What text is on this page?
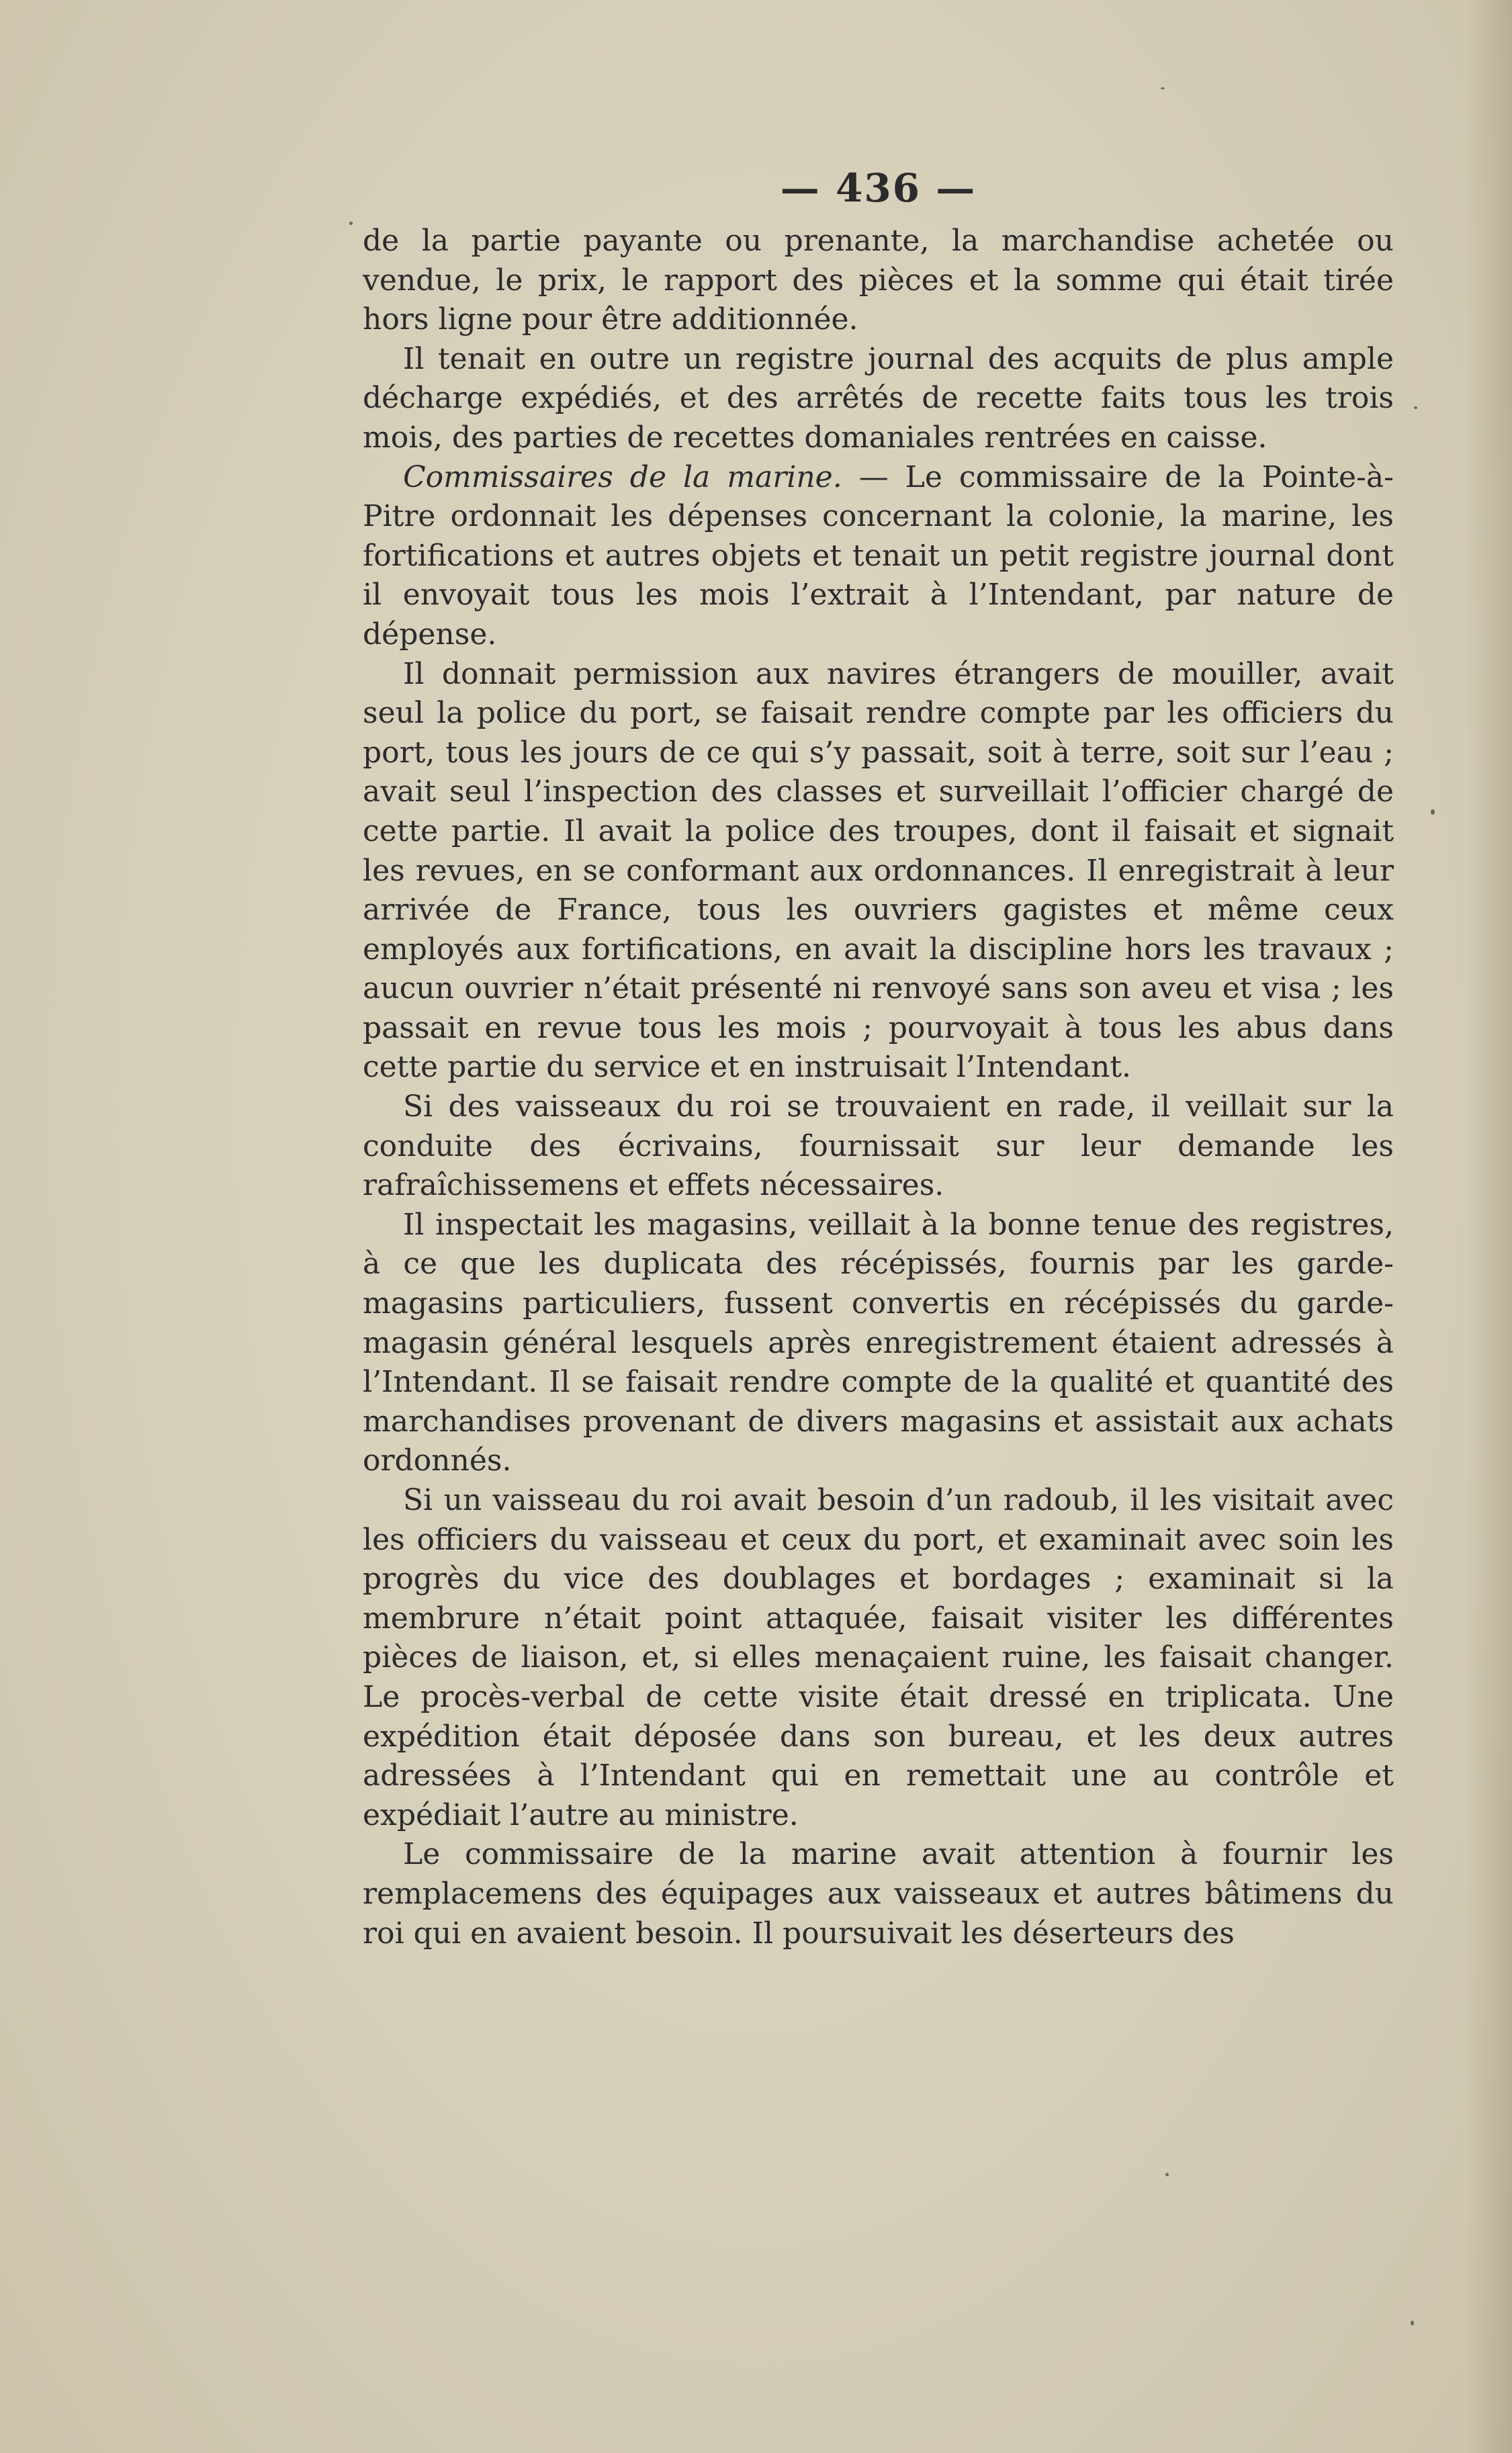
— 436 —

de la partie payante ou prenante, la marchandise achetée ou vendue, le prix, le rapport des pièces et la somme qui était tirée hors ligne pour être additionnée.

Il tenait en outre un registre journal des acquits de plus ample décharge expédiés, et des arrêtés de recette faits tous les trois mois, des parties de recettes domaniales rentrées en caisse.

Commissaires de la marine. — Le commissaire de la Pointe-à-Pitre ordonnait les dépenses concernant la colonie, la marine, les fortifications et autres objets et tenait un petit registre journal dont il envoyait tous les mois l’extrait à l’Intendant, par nature de dépense.

Il donnait permission aux navires étrangers de mouiller, avait seul la police du port, se faisait rendre compte par les officiers du port, tous les jours de ce qui s’y passait, soit à terre, soit sur l’eau ; avait seul l’inspection des classes et surveillait l’officier chargé de cette partie. Il avait la police des troupes, dont il faisait et signait les revues, en se conformant aux ordonnances. Il enregistrait à leur arrivée de France, tous les ouvriers gagistes et même ceux employés aux fortifications, en avait la discipline hors les travaux ; aucun ouvrier n’était présenté ni renvoyé sans son aveu et visa ; les passait en revue tous les mois ; pourvoyait à tous les abus dans cette partie du service et en instruisait l’Intendant.

Si des vaisseaux du roi se trouvaient en rade, il veillait sur la conduite des écrivains, fournissait sur leur demande les rafraîchissemens et effets nécessaires.

Il inspectait les magasins, veillait à la bonne tenue des registres, à ce que les duplicata des récépissés, fournis par les garde-magasins particuliers, fussent convertis en récépissés du garde-magasin général lesquels après enregistrement étaient adressés à l’Intendant. Il se faisait rendre compte de la qualité et quantité des marchandises provenant de divers magasins et assistait aux achats ordonnés.

Si un vaisseau du roi avait besoin d’un radoub, il les visitait avec les officiers du vaisseau et ceux du port, et examinait avec soin les progrès du vice des doublages et bordages ; examinait si la membrure n’était point attaquée, faisait visiter les différentes pièces de liaison, et, si elles menaçaient ruine, les faisait changer. Le procès-verbal de cette visite était dressé en triplicata. Une expédition était déposée dans son bureau, et les deux autres adressées à l’Intendant qui en remettait une au contrôle et expédiait l’autre au ministre.

Le commissaire de la marine avait attention à fournir les remplacemens des équipages aux vaisseaux et autres bâtimens du roi qui en avaient besoin. Il poursuivait les déserteurs des
